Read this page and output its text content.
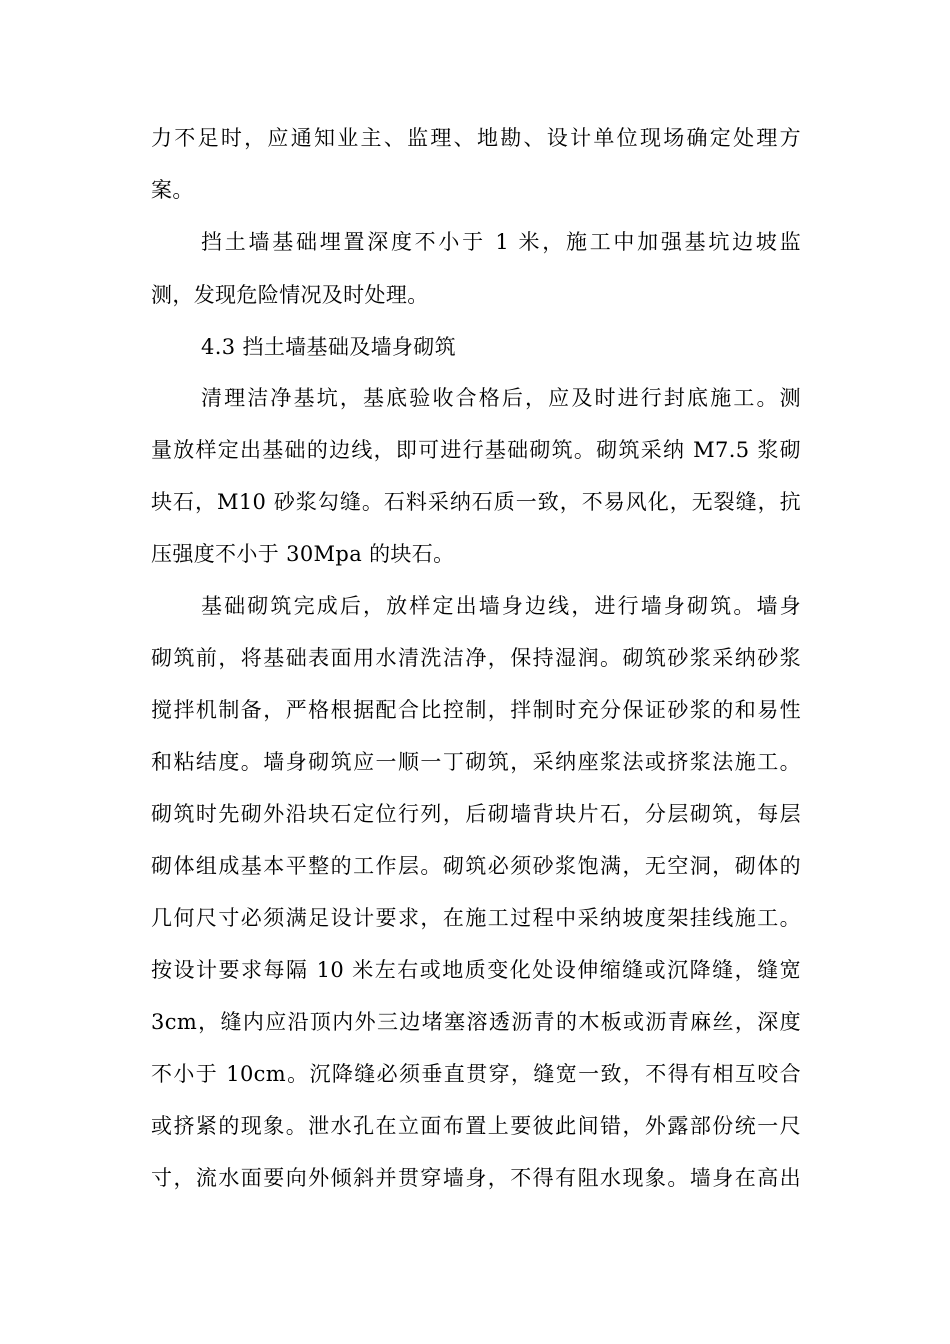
力不足时，应通知业主、监理、地勘、设计单位现场确定处理方
案。
挡土墙基础埋置深度不小于 1 米，施工中加强基坑边坡监
测，发现危险情况及时处理。
4.3 挡土墙基础及墙身砌筑
清理洁净基坑，基底验收合格后，应及时进行封底施工。测
量放样定出基础的边线，即可进行基础砌筑。砌筑采纳 M7.5 浆砌
块石，M10 砂浆勾缝。石料采纳石质一致，不易风化，无裂缝，抗
压强度不小于 30Mpa 的块石。
基础砌筑完成后，放样定出墙身边线，进行墙身砌筑。墙身
砌筑前，将基础表面用水清洗洁净，保持湿润。砌筑砂浆采纳砂浆
搅拌机制备，严格根据配合比控制，拌制时充分保证砂浆的和易性
和粘结度。墙身砌筑应一顺一丁砌筑，采纳座浆法或挤浆法施工。
砌筑时先砌外沿块石定位行列，后砌墙背块片石，分层砌筑，每层
砌体组成基本平整的工作层。砌筑必须砂浆饱满，无空洞，砌体的
几何尺寸必须满足设计要求，在施工过程中采纳坡度架挂线施工。
按设计要求每隔 10 米左右或地质变化处设伸缩缝或沉降缝，缝宽
3cm，缝内应沿顶内外三边堵塞溶透沥青的木板或沥青麻丝，深度
不小于 10cm。沉降缝必须垂直贯穿，缝宽一致，不得有相互咬合
或挤紧的现象。泄水孔在立面布置上要彼此间错，外露部份统一尺
寸，流水面要向外倾斜并贯穿墙身，不得有阻水现象。墙身在高出
